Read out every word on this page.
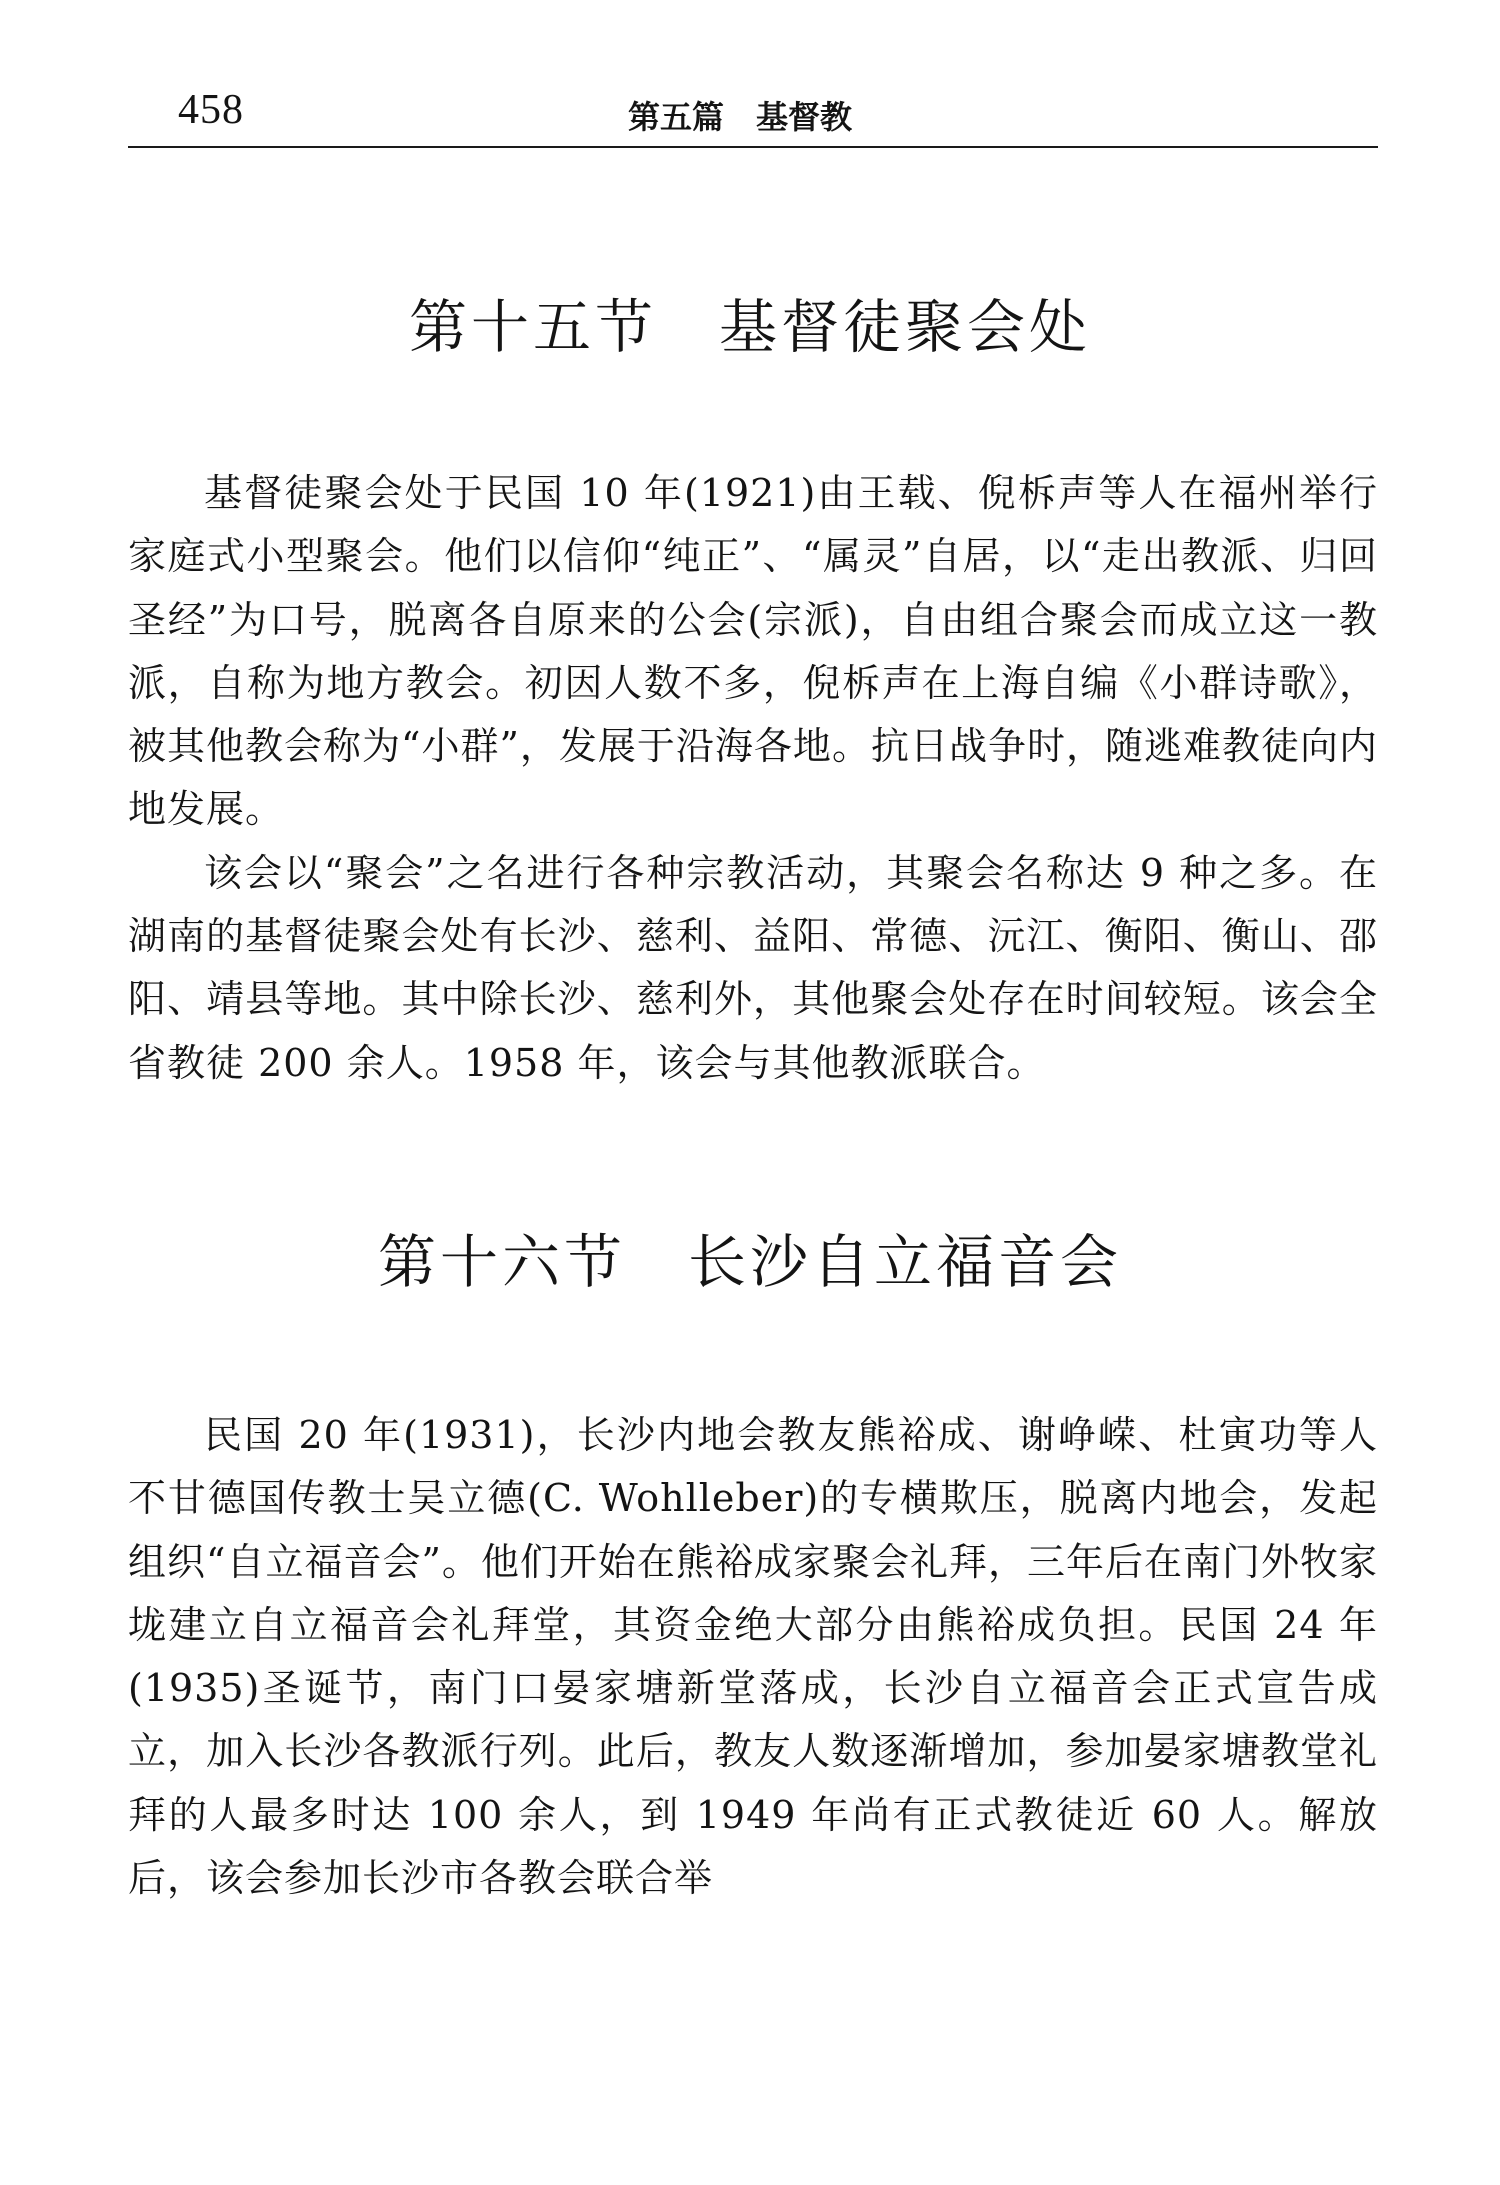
458	第五篇　基督教
第十五节　基督徒聚会处

基督徒聚会处于民国 10 年(1921)由王载、倪柝声等人在福州举行家庭式小型聚会。他们以信仰“纯正”、“属灵”自居，以“走出教派、归回圣经”为口号，脱离各自原来的公会(宗派)，自由组合聚会而成立这一教派，自称为地方教会。初因人数不多，倪柝声在上海自编《小群诗歌》，被其他教会称为“小群”，发展于沿海各地。抗日战争时，随逃难教徒向内地发展。

该会以“聚会”之名进行各种宗教活动，其聚会名称达 9 种之多。在湖南的基督徒聚会处有长沙、慈利、益阳、常德、沅江、衡阳、衡山、邵阳、靖县等地。其中除长沙、慈利外，其他聚会处存在时间较短。该会全省教徒 200 余人。1958 年，该会与其他教派联合。

第十六节　长沙自立福音会

民国 20 年(1931)，长沙内地会教友熊裕成、谢峥嵘、杜寅功等人不甘德国传教士吴立德(C. Wohlleber)的专横欺压，脱离内地会，发起组织“自立福音会”。他们开始在熊裕成家聚会礼拜，三年后在南门外牧家垅建立自立福音会礼拜堂，其资金绝大部分由熊裕成负担。民国 24 年(1935)圣诞节，南门口晏家塘新堂落成，长沙自立福音会正式宣告成立，加入长沙各教派行列。此后，教友人数逐渐增加，参加晏家塘教堂礼拜的人最多时达 100 余人，到 1949 年尚有正式教徒近 60 人。解放后，该会参加长沙市各教会联合举
